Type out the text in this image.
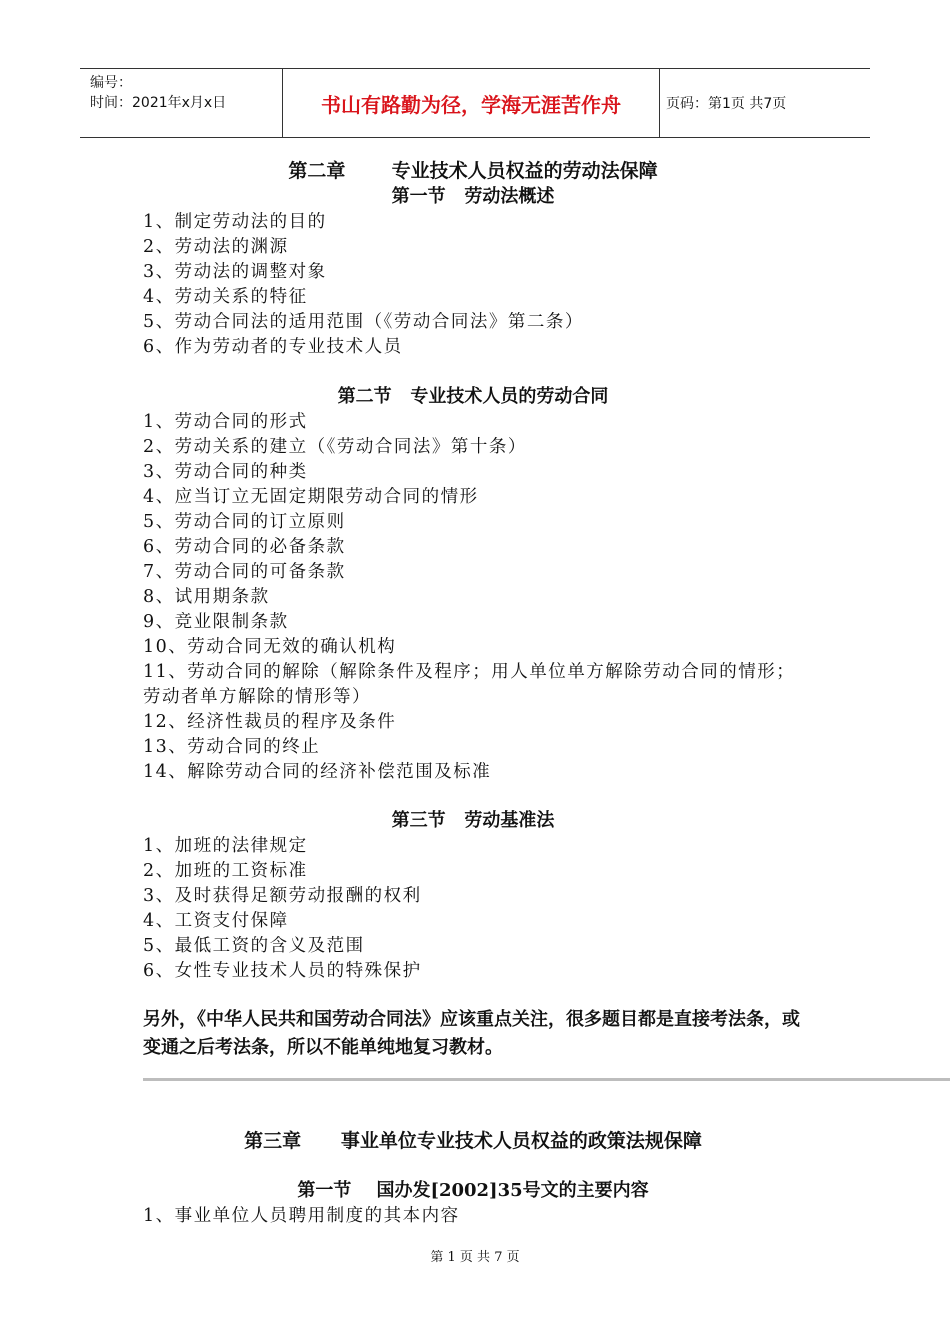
编号：
时间：2021年x月x日	书山有路勤为径，学海无涯苦作舟	页码：第1页 共7页
第二章       专业技术人员权益的劳动法保障
第一节   劳动法概述
1、制定劳动法的目的
2、劳动法的渊源
3、劳动法的调整对象
4、劳动关系的特征
5、劳动合同法的适用范围（《劳动合同法》第二条）
6、作为劳动者的专业技术人员
第二节   专业技术人员的劳动合同
1、劳动合同的形式
2、劳动关系的建立（《劳动合同法》第十条）
3、劳动合同的种类
4、应当订立无固定期限劳动合同的情形
5、劳动合同的订立原则
6、劳动合同的必备条款
7、劳动合同的可备条款
8、试用期条款
9、竞业限制条款
10、劳动合同无效的确认机构
11、劳动合同的解除（解除条件及程序；用人单位单方解除劳动合同的情形；劳动者单方解除的情形等）
12、经济性裁员的程序及条件
13、劳动合同的终止
14、解除劳动合同的经济补偿范围及标准
第三节   劳动基准法
1、加班的法律规定
2、加班的工资标准
3、及时获得足额劳动报酬的权利
4、工资支付保障
5、最低工资的含义及范围
6、女性专业技术人员的特殊保护
另外，《中华人民共和国劳动合同法》应该重点关注，很多题目都是直接考法条，或变通之后考法条，所以不能单纯地复习教材。
第三章      事业单位专业技术人员权益的政策法规保障
第一节    国办发[2002]35号文的主要内容
1、事业单位人员聘用制度的其本内容
第 1 页 共 7 页
